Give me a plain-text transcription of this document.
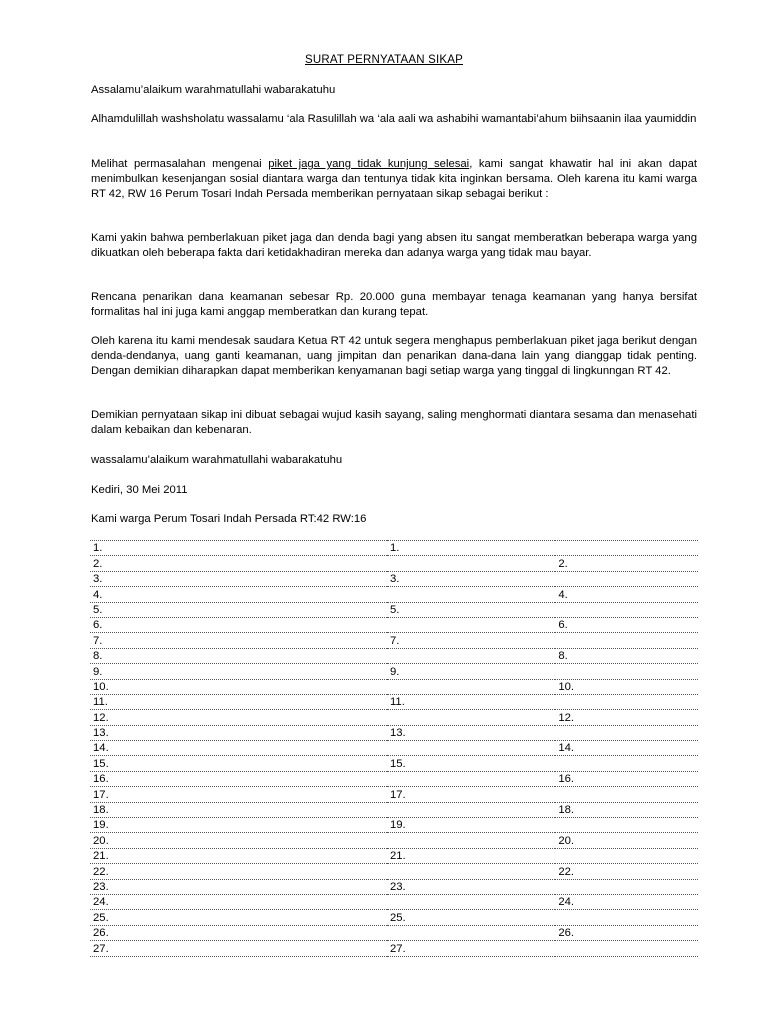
SURAT PERNYATAAN SIKAP
Assalamu’alaikum warahmatullahi wabarakatuhu
Alhamdulillah washsholatu wassalamu ‘ala Rasulillah wa ‘ala aali wa ashabihi wamantabi’ahum biihsaanin ilaa yaumiddin
Melihat permasalahan mengenai piket jaga yang tidak kunjung selesai, kami sangat khawatir hal ini akan dapat menimbulkan kesenjangan sosial diantara warga dan tentunya tidak kita inginkan bersama. Oleh karena itu kami warga RT 42, RW 16 Perum Tosari Indah Persada memberikan pernyataan sikap sebagai berikut :
Kami yakin bahwa pemberlakuan piket jaga dan denda bagi yang absen itu sangat memberatkan beberapa warga yang dikuatkan oleh beberapa fakta dari ketidakhadiran mereka dan adanya warga yang tidak mau bayar.
Rencana penarikan dana keamanan sebesar Rp. 20.000 guna membayar tenaga keamanan yang hanya bersifat formalitas hal ini juga kami anggap memberatkan dan kurang tepat.
Oleh karena itu kami mendesak saudara Ketua RT 42 untuk segera menghapus pemberlakuan piket jaga berikut dengan denda-dendanya, uang ganti keamanan, uang jimpitan dan penarikan dana-dana lain yang dianggap tidak penting. Dengan demikian diharapkan dapat memberikan kenyamanan bagi setiap warga yang tinggal di lingkunngan RT 42.
Demikian pernyataan sikap ini dibuat sebagai wujud kasih sayang, saling menghormati diantara sesama dan menasehati dalam kebaikan dan kebenaran.
wassalamu’alaikum warahmatullahi wabarakatuhu
Kediri, 30 Mei 2011
Kami warga Perum Tosari Indah Persada RT:42 RW:16
1.	1.	
2.		2.
3.	3.	
4.		4.
5.	5.	
6.		6.
7.	7.	
8.		8.
9.	9.	
10.		10.
11.	11.	
12.		12.
13.	13.	
14.		14.
15.	15.	
16.		16.
17.	17.	
18.		18.
19.	19.	
20.		20.
21.	21.	
22.		22.
23.	23.	
24.		24.
25.	25.	
26.		26.
27.	27.	
